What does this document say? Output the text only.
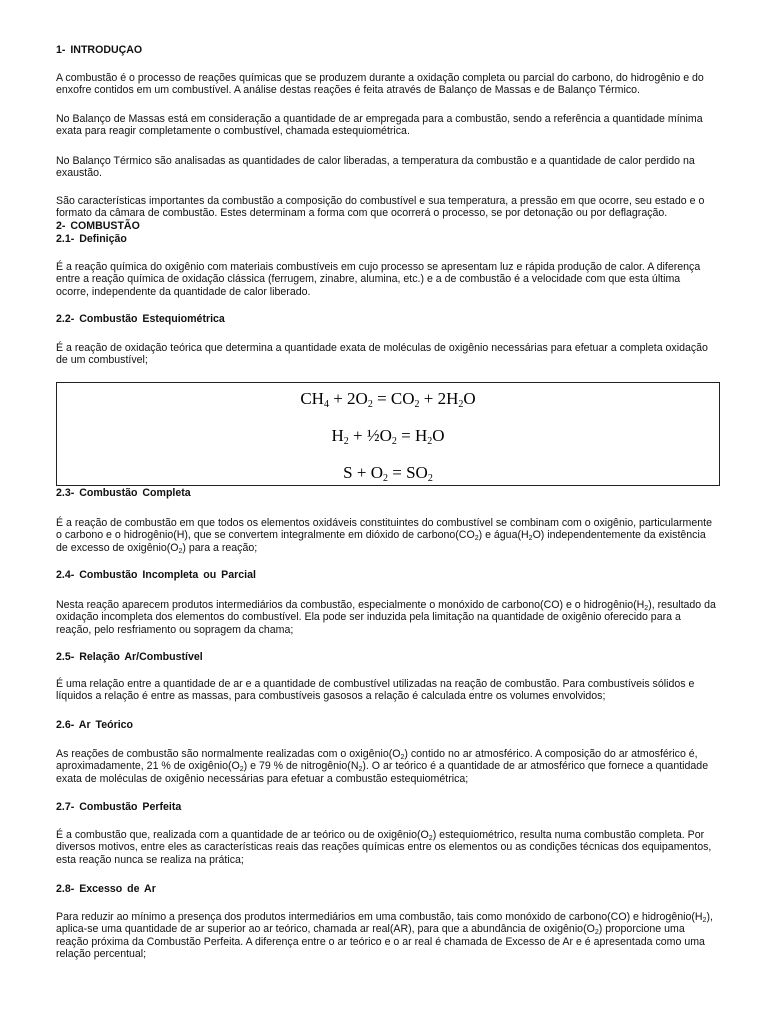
1- INTRODUÇAO

A combustão é o processo de reações químicas que se produzem durante a oxidação completa ou parcial do carbono, do hidrogênio e do enxofre contidos em um combustível. A análise destas reações é feita através de Balanço de Massas e de Balanço Térmico.

No Balanço de Massas está em consideração a quantidade de ar empregada para a combustão, sendo a referência a quantidade mínima exata para reagir completamente o combustível, chamada estequiométrica.

No Balanço Térmico são analisadas as quantidades de calor liberadas, a temperatura da combustão e a quantidade de calor perdido na exaustão.

São características importantes da combustão a composição do combustível e sua temperatura, a pressão em que ocorre, seu estado e o formato da câmara de combustão. Estes determinam a forma com que ocorrerá o processo, se por detonação ou por deflagração.

2- COMBUSTÃO

2.1- Definição

É a reação química do oxigênio com materiais combustíveis em cujo processo se apresentam luz e rápida produção de calor. A diferença entre a reação química de oxidação clássica (ferrugem, zinabre, alumina, etc.) e a de combustão é a velocidade com que esta última ocorre, independente da quantidade de calor liberado.

2.2- Combustão Estequiométrica

É a reação de oxidação teórica que determina a quantidade exata de moléculas de oxigênio necessárias para efetuar a completa oxidação de um combustível;

$CH_4 + 2O_2 = CO_2 + 2H_2O$
$H_2$ + $\frac{1}{2}O_2 = H_2O$
$S + O_2 = SO_2$

2.3- Combustão Completa

É a reação de combustão em que todos os elementos oxidáveis constituintes do combustível se combinam com o oxigênio, particularmente o carbono e o hidrogênio(H), que se convertem integralmente em dióxido de $carbono(CO_2)$ e $água(H_2O)$ independentemente da existência de excesso de $oxigênio(O_2)$ para a reação;

2.4- Combustão Incompleta ou Parcial

Nesta reação aparecem produtos intermediários da combustão, especialmente o monóxido de carbono(CO) e o $hidrogênio(H_2)$, resultado da oxidação incompleta dos elementos do combustível. Ela pode ser induzida pela limitação na quantidade de oxigênio oferecido para a reação, pelo resfriamento ou sopragem da chama;

2.5- Relação Ar/Combustível

É uma relação entre a quantidade de ar e a quantidade de combustível utilizadas na reação de combustão. Para combustíveis sólidos e líquidos a relação é entre as massas, para combustíveis gasosos a relação é calculada entre os volumes envolvidos;

2.6- Ar Teórico

As reações de combustão são normalmente realizadas com o $oxigênio(O_2)$ contido no ar atmosférico. A composição do ar atmosférico é, aproximadamente, 21 % de $oxigênio(O_2)$ e 79 % de $nitrogênio(N_2)$. O ar teórico é a quantidade de ar atmosférico que fornece a quantidade exata de moléculas de oxigênio necessárias para efetuar a combustão estequiométrica;

2.7- Combustão Perfeita

É a combustão que, realizada com a quantidade de ar teórico ou de $oxigênio(O_2)$ estequiométrico, resulta numa combustão completa. Por diversos motivos, entre eles as características reais das reações químicas entre os elementos ou as condições técnicas dos equipamentos, esta reação nunca se realiza na prática;

2.8- Excesso de Ar

Para reduzir ao mínimo a presença dos produtos intermediários em uma combustão, tais como monóxido de carbono(CO) e $hidrogênio(H_2)$, aplica-se uma quantidade de ar superior ao ar teórico, chamada ar real(AR), para que a abundância de $oxigênio(O_2)$ proporcione uma reação próxima da Combustão Perfeita. A diferença entre o ar teórico e o ar real é chamada de Excesso de Ar e é apresentada como uma relação percentual;
